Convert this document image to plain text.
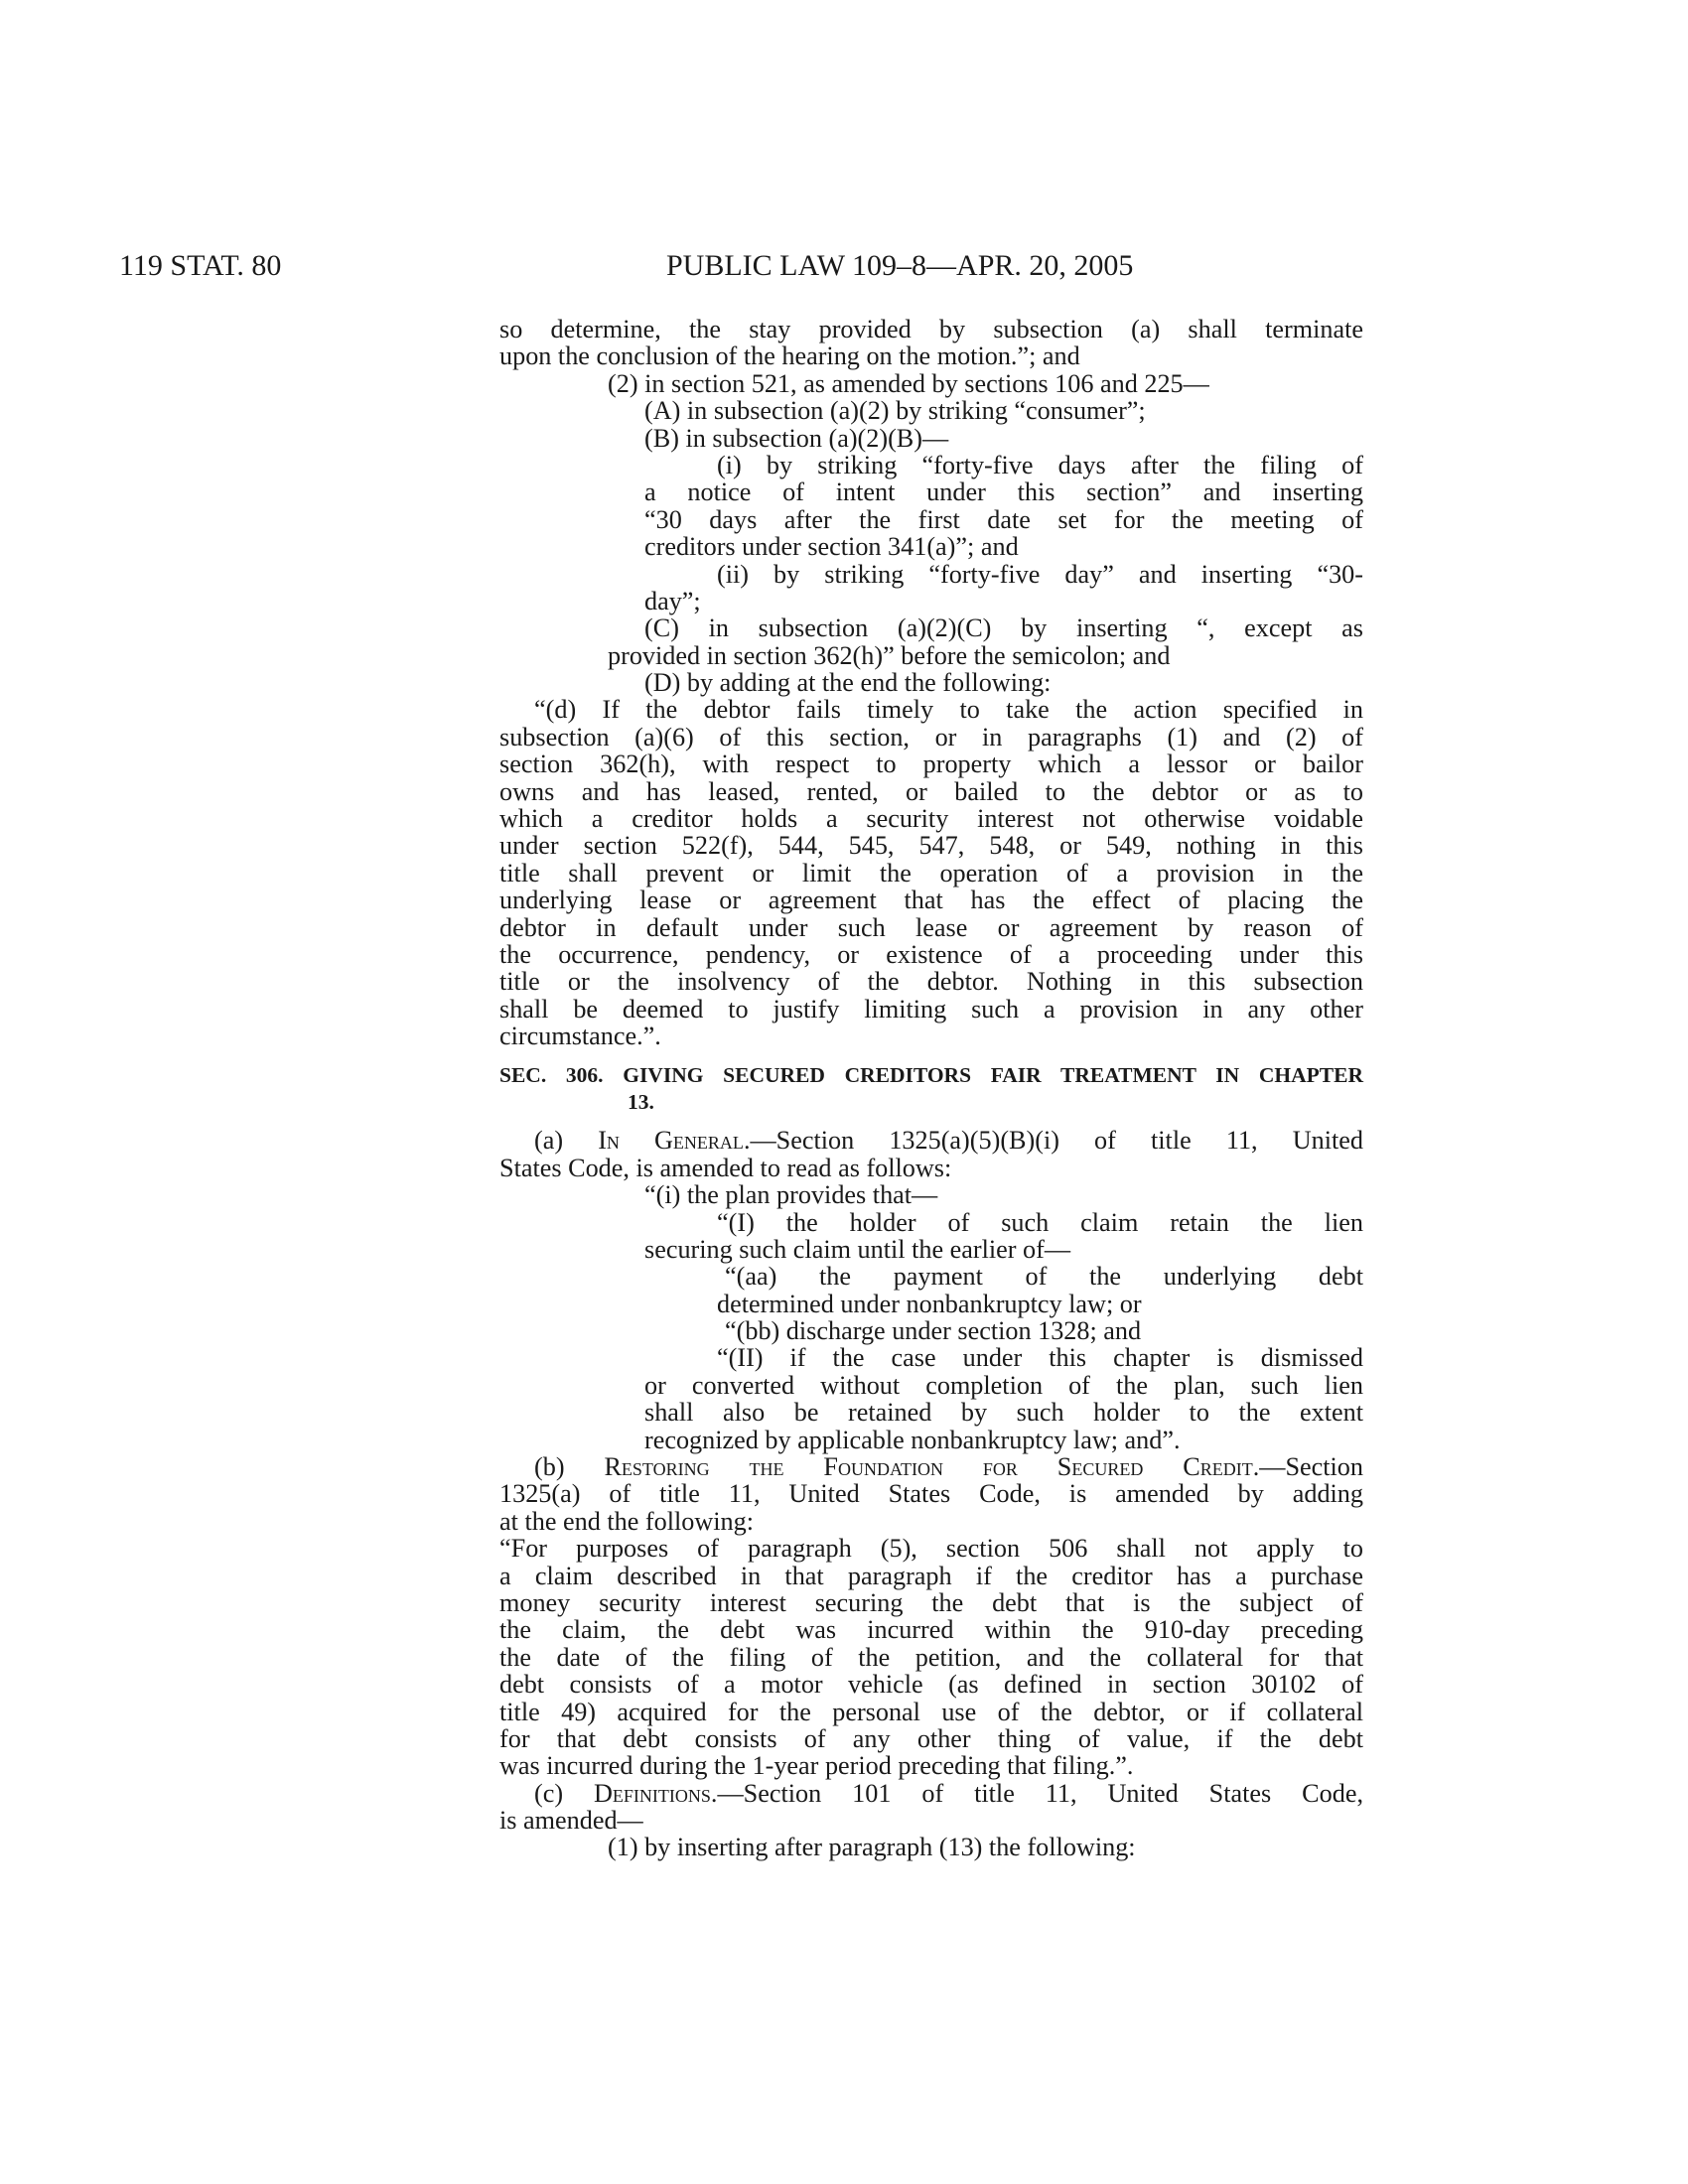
119 STAT. 80	PUBLIC LAW 109–8—APR. 20, 2005
so determine, the stay provided by subsection (a) shall terminate
upon the conclusion of the hearing on the motion.”; and
(2) in section 521, as amended by sections 106 and 225—
(A) in subsection (a)(2) by striking “consumer”;
(B) in subsection (a)(2)(B)—
(i) by striking “forty-five days after the filing of
a notice of intent under this section” and inserting
“30 days after the first date set for the meeting of
creditors under section 341(a)”; and
(ii) by striking “forty-five day” and inserting “30-
day”;
(C) in subsection (a)(2)(C) by inserting “, except as
provided in section 362(h)” before the semicolon; and
(D) by adding at the end the following:
“(d) If the debtor fails timely to take the action specified in
subsection (a)(6) of this section, or in paragraphs (1) and (2) of
section 362(h), with respect to property which a lessor or bailor
owns and has leased, rented, or bailed to the debtor or as to
which a creditor holds a security interest not otherwise voidable
under section 522(f), 544, 545, 547, 548, or 549, nothing in this
title shall prevent or limit the operation of a provision in the
underlying lease or agreement that has the effect of placing the
debtor in default under such lease or agreement by reason of
the occurrence, pendency, or existence of a proceeding under this
title or the insolvency of the debtor. Nothing in this subsection
shall be deemed to justify limiting such a provision in any other
circumstance.”.
SEC. 306. GIVING SECURED CREDITORS FAIR TREATMENT IN CHAPTER
13.
(a) In General.—Section 1325(a)(5)(B)(i) of title 11, United
States Code, is amended to read as follows:
“(i) the plan provides that—
“(I) the holder of such claim retain the lien
securing such claim until the earlier of—
“(aa) the payment of the underlying debt
determined under nonbankruptcy law; or
“(bb) discharge under section 1328; and
“(II) if the case under this chapter is dismissed
or converted without completion of the plan, such lien
shall also be retained by such holder to the extent
recognized by applicable nonbankruptcy law; and”.
(b) Restoring the Foundation for Secured Credit.—Section
1325(a) of title 11, United States Code, is amended by adding
at the end the following:
“For purposes of paragraph (5), section 506 shall not apply to
a claim described in that paragraph if the creditor has a purchase
money security interest securing the debt that is the subject of
the claim, the debt was incurred within the 910-day preceding
the date of the filing of the petition, and the collateral for that
debt consists of a motor vehicle (as defined in section 30102 of
title 49) acquired for the personal use of the debtor, or if collateral
for that debt consists of any other thing of value, if the debt
was incurred during the 1-year period preceding that filing.”.
(c) Definitions.—Section 101 of title 11, United States Code,
is amended—
(1) by inserting after paragraph (13) the following:
